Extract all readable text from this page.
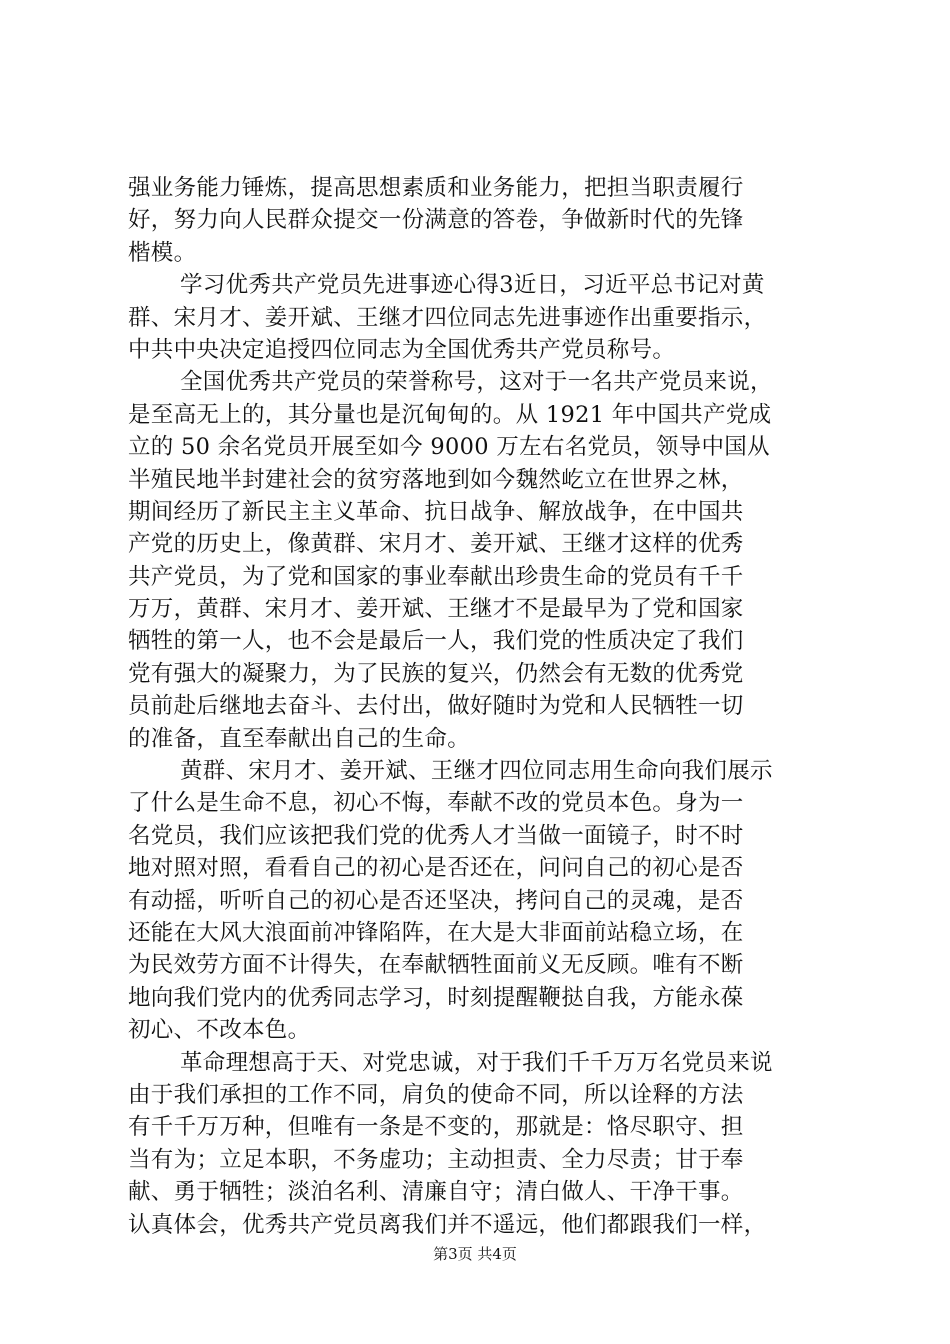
强业务能力锤炼，提高思想素质和业务能力，把担当职责履行
好，努力向人民群众提交一份满意的答卷，争做新时代的先锋
楷模。
学习优秀共产党员先进事迹心得3近日，习近平总书记对黄
群、宋月才、姜开斌、王继才四位同志先进事迹作出重要指示，
中共中央决定追授四位同志为全国优秀共产党员称号。
全国优秀共产党员的荣誉称号，这对于一名共产党员来说，
是至高无上的，其分量也是沉甸甸的。从 1921 年中国共产党成
立的 50 余名党员开展至如今 9000 万左右名党员，领导中国从
半殖民地半封建社会的贫穷落地到如今魏然屹立在世界之林，
期间经历了新民主主义革命、抗日战争、解放战争，在中国共
产党的历史上，像黄群、宋月才、姜开斌、王继才这样的优秀
共产党员，为了党和国家的事业奉献出珍贵生命的党员有千千
万万，黄群、宋月才、姜开斌、王继才不是最早为了党和国家
牺牲的第一人，也不会是最后一人，我们党的性质决定了我们
党有强大的凝聚力，为了民族的复兴，仍然会有无数的优秀党
员前赴后继地去奋斗、去付出，做好随时为党和人民牺牲一切
的准备，直至奉献出自己的生命。
黄群、宋月才、姜开斌、王继才四位同志用生命向我们展示
了什么是生命不息，初心不悔，奉献不改的党员本色。身为一
名党员，我们应该把我们党的优秀人才当做一面镜子，时不时
地对照对照，看看自己的初心是否还在，问问自己的初心是否
有动摇，听听自己的初心是否还坚决，拷问自己的灵魂，是否
还能在大风大浪面前冲锋陷阵，在大是大非面前站稳立场，在
为民效劳方面不计得失，在奉献牺牲面前义无反顾。唯有不断
地向我们党内的优秀同志学习，时刻提醒鞭挞自我，方能永葆
初心、不改本色。
革命理想高于天、对党忠诚，对于我们千千万万名党员来说
由于我们承担的工作不同，肩负的使命不同，所以诠释的方法
有千千万万种，但唯有一条是不变的，那就是：恪尽职守、担
当有为；立足本职，不务虚功；主动担责、全力尽责；甘于奉
献、勇于牺牲；淡泊名利、清廉自守；清白做人、干净干事。
认真体会，优秀共产党员离我们并不遥远，他们都跟我们一样，
第3页 共4页
